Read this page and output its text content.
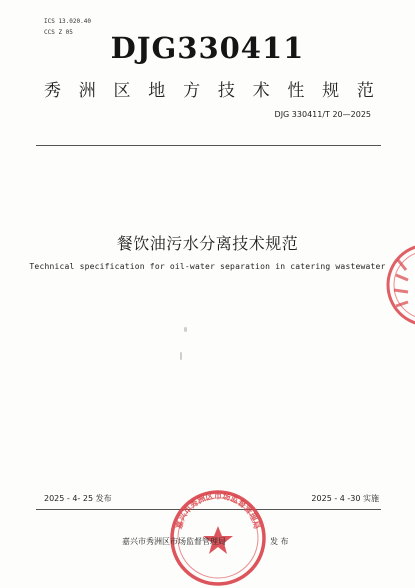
ICS 13.020.40
CCS Z 05	DJG330411
秀 洲 区 地 方 技 术 性 规 范
DJG 330411/T 20—2025
餐饮油污水分离技术规范
Technical specification for oil-water separation in catering wastewater
2025 - 4- 25 发布	2025 - 4 -30 实施
嘉兴市秀洲区市场监督管理局
嘉兴市秀洲区市场监督管理局	发 布
